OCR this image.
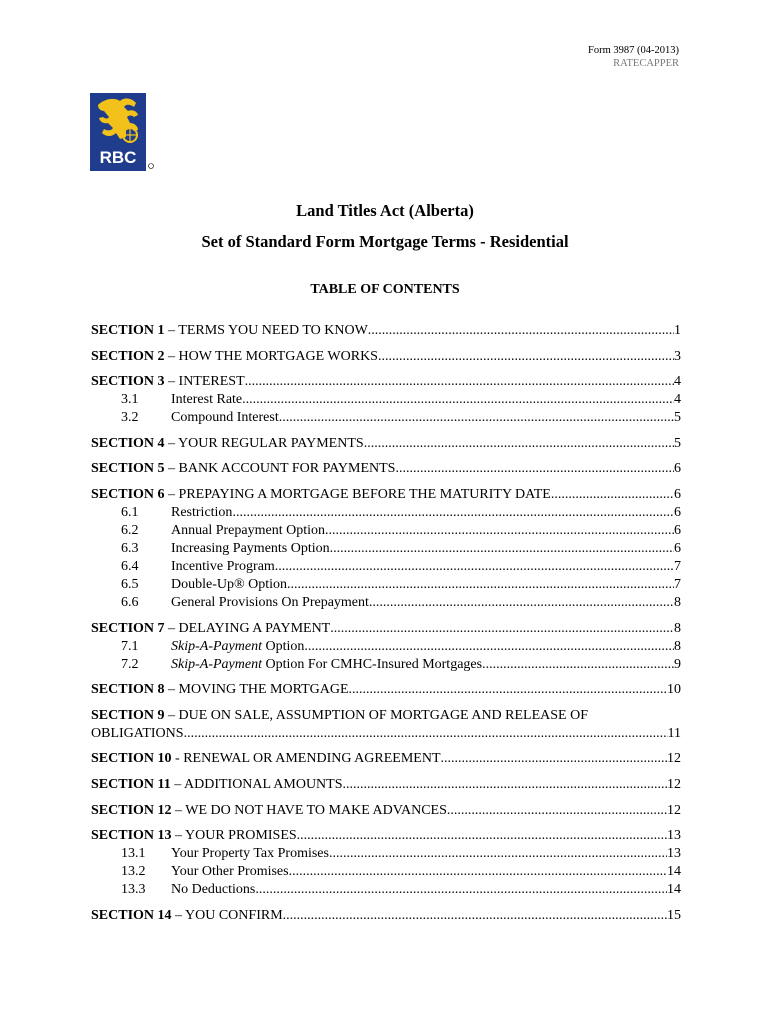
Form 3987 (04-2013)
RATECAPPER
RBC
Land Titles Act (Alberta)
Set of Standard Form Mortgage Terms - Residential
TABLE OF CONTENTS
SECTION 1 – TERMS YOU NEED TO KNOW .....	1
SECTION 2 – HOW THE MORTGAGE WORKS .....	3
SECTION 3 – INTEREST .....	4
3.1	Interest Rate .....	4
3.2	Compound Interest .....	5
SECTION 4 – YOUR REGULAR PAYMENTS .....	5
SECTION 5 – BANK ACCOUNT FOR PAYMENTS .....	6
SECTION 6 – PREPAYING A MORTGAGE BEFORE THE MATURITY DATE .....	6
6.1	Restriction .....	6
6.2	Annual Prepayment Option .....	6
6.3	Increasing Payments Option .....	6
6.4	Incentive Program .....	7
6.5	Double-Up® Option .....	7
6.6	General Provisions On Prepayment .....	8
SECTION 7 – DELAYING A PAYMENT .....	8
7.1	Skip-A-Payment Option .....	8
7.2	Skip-A-Payment Option For CMHC-Insured Mortgages .....	9
SECTION 8 – MOVING THE MORTGAGE .....	10
SECTION 9 – DUE ON SALE, ASSUMPTION OF MORTGAGE AND RELEASE OF
OBLIGATIONS .....	11
SECTION 10 - RENEWAL OR AMENDING AGREEMENT .....	12
SECTION 11 – ADDITIONAL AMOUNTS .....	12
SECTION 12 – WE DO NOT HAVE TO MAKE ADVANCES .....	12
SECTION 13 – YOUR PROMISES .....	13
13.1	Your Property Tax Promises .....	13
13.2	Your Other Promises .....	14
13.3	No Deductions .....	14
SECTION 14 – YOU CONFIRM .....	15
